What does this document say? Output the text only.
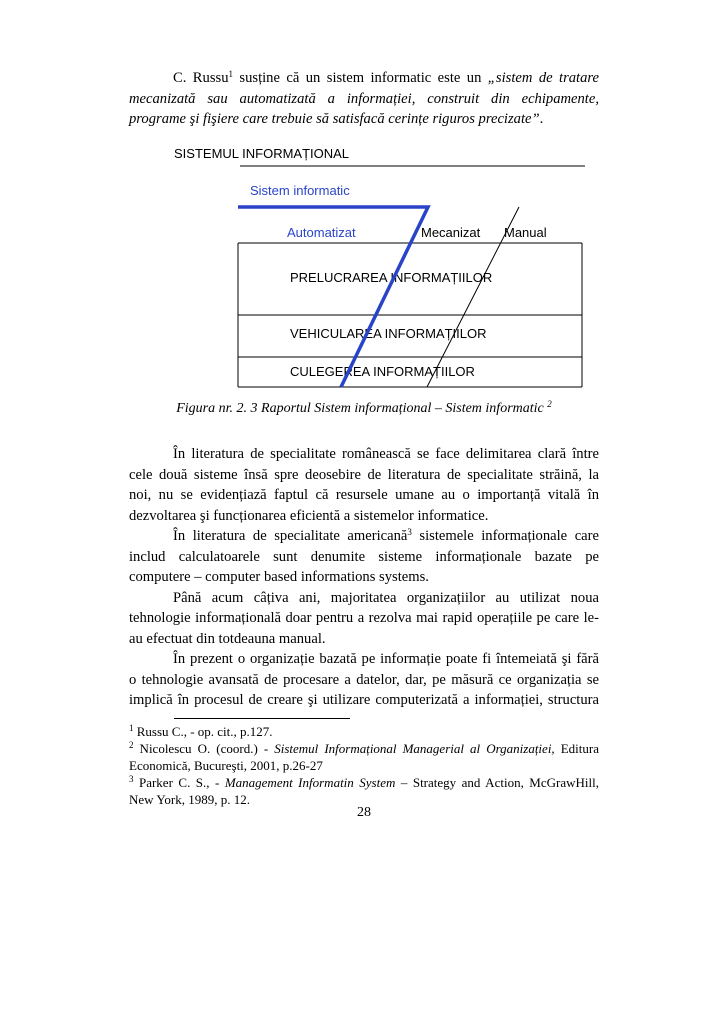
C. Russu$^1$ susține că un sistem informatic este un „sistem de tratare

mecanizată sau automatizată a informației, construit din echipamente,
programe şi fişiere care trebuie să satisfacă cerințe riguros precizate”.
SISTEMUL INFORMAȚIONAL
Sistem informatic
Automatizat	Mecanizat Manual
PRELUCRAREA INFORMAȚIILOR
VEHICULAREA INFORMAȚIILOR
CULEGEREA INFORMAȚIILOR
Figura nr. 2. 3 Raportul Sistem informațional – Sistem informatic $^2$

În literatura de specialitate românească se face delimitarea clară între

cele două sisteme însă spre deosebire de literatura de specialitate străină, la
noi, nu se evidențiază faptul că resursele umane au o importanță vitală în
dezvoltarea şi funcționarea eficientă a sistemelor informatice.

În literatura de specialitate americană$^3$ sistemele informaționale care

includ calculatoarele sunt denumite sisteme informaționale bazate pe
computere – computer based informations systems.

Până acum câțiva ani, majoritatea organizațiilor au utilizat noua

tehnologie informațională doar pentru a rezolva mai rapid operațiile pe care le-
au efectuat din totdeauna manual.

În prezent o organizație bazată pe informație poate fi întemeiată şi fără

o tehnologie avansată de procesare a datelor, dar, pe măsură ce organizația se
implică în procesul de creare şi utilizare computerizată a informației, structura
$^1$ Russu C., - op. cit., p.127.
$^2$ Nicolescu O. (coord.) - Sistemul Informațional Managerial al Organizației, Editura
Economică, Bucureşti, 2001, p.26-27
$^3$ Parker C. S., - Management Informatin System – Strategy and Action, McGrawHill,
New York, 1989, p. 12.
28
